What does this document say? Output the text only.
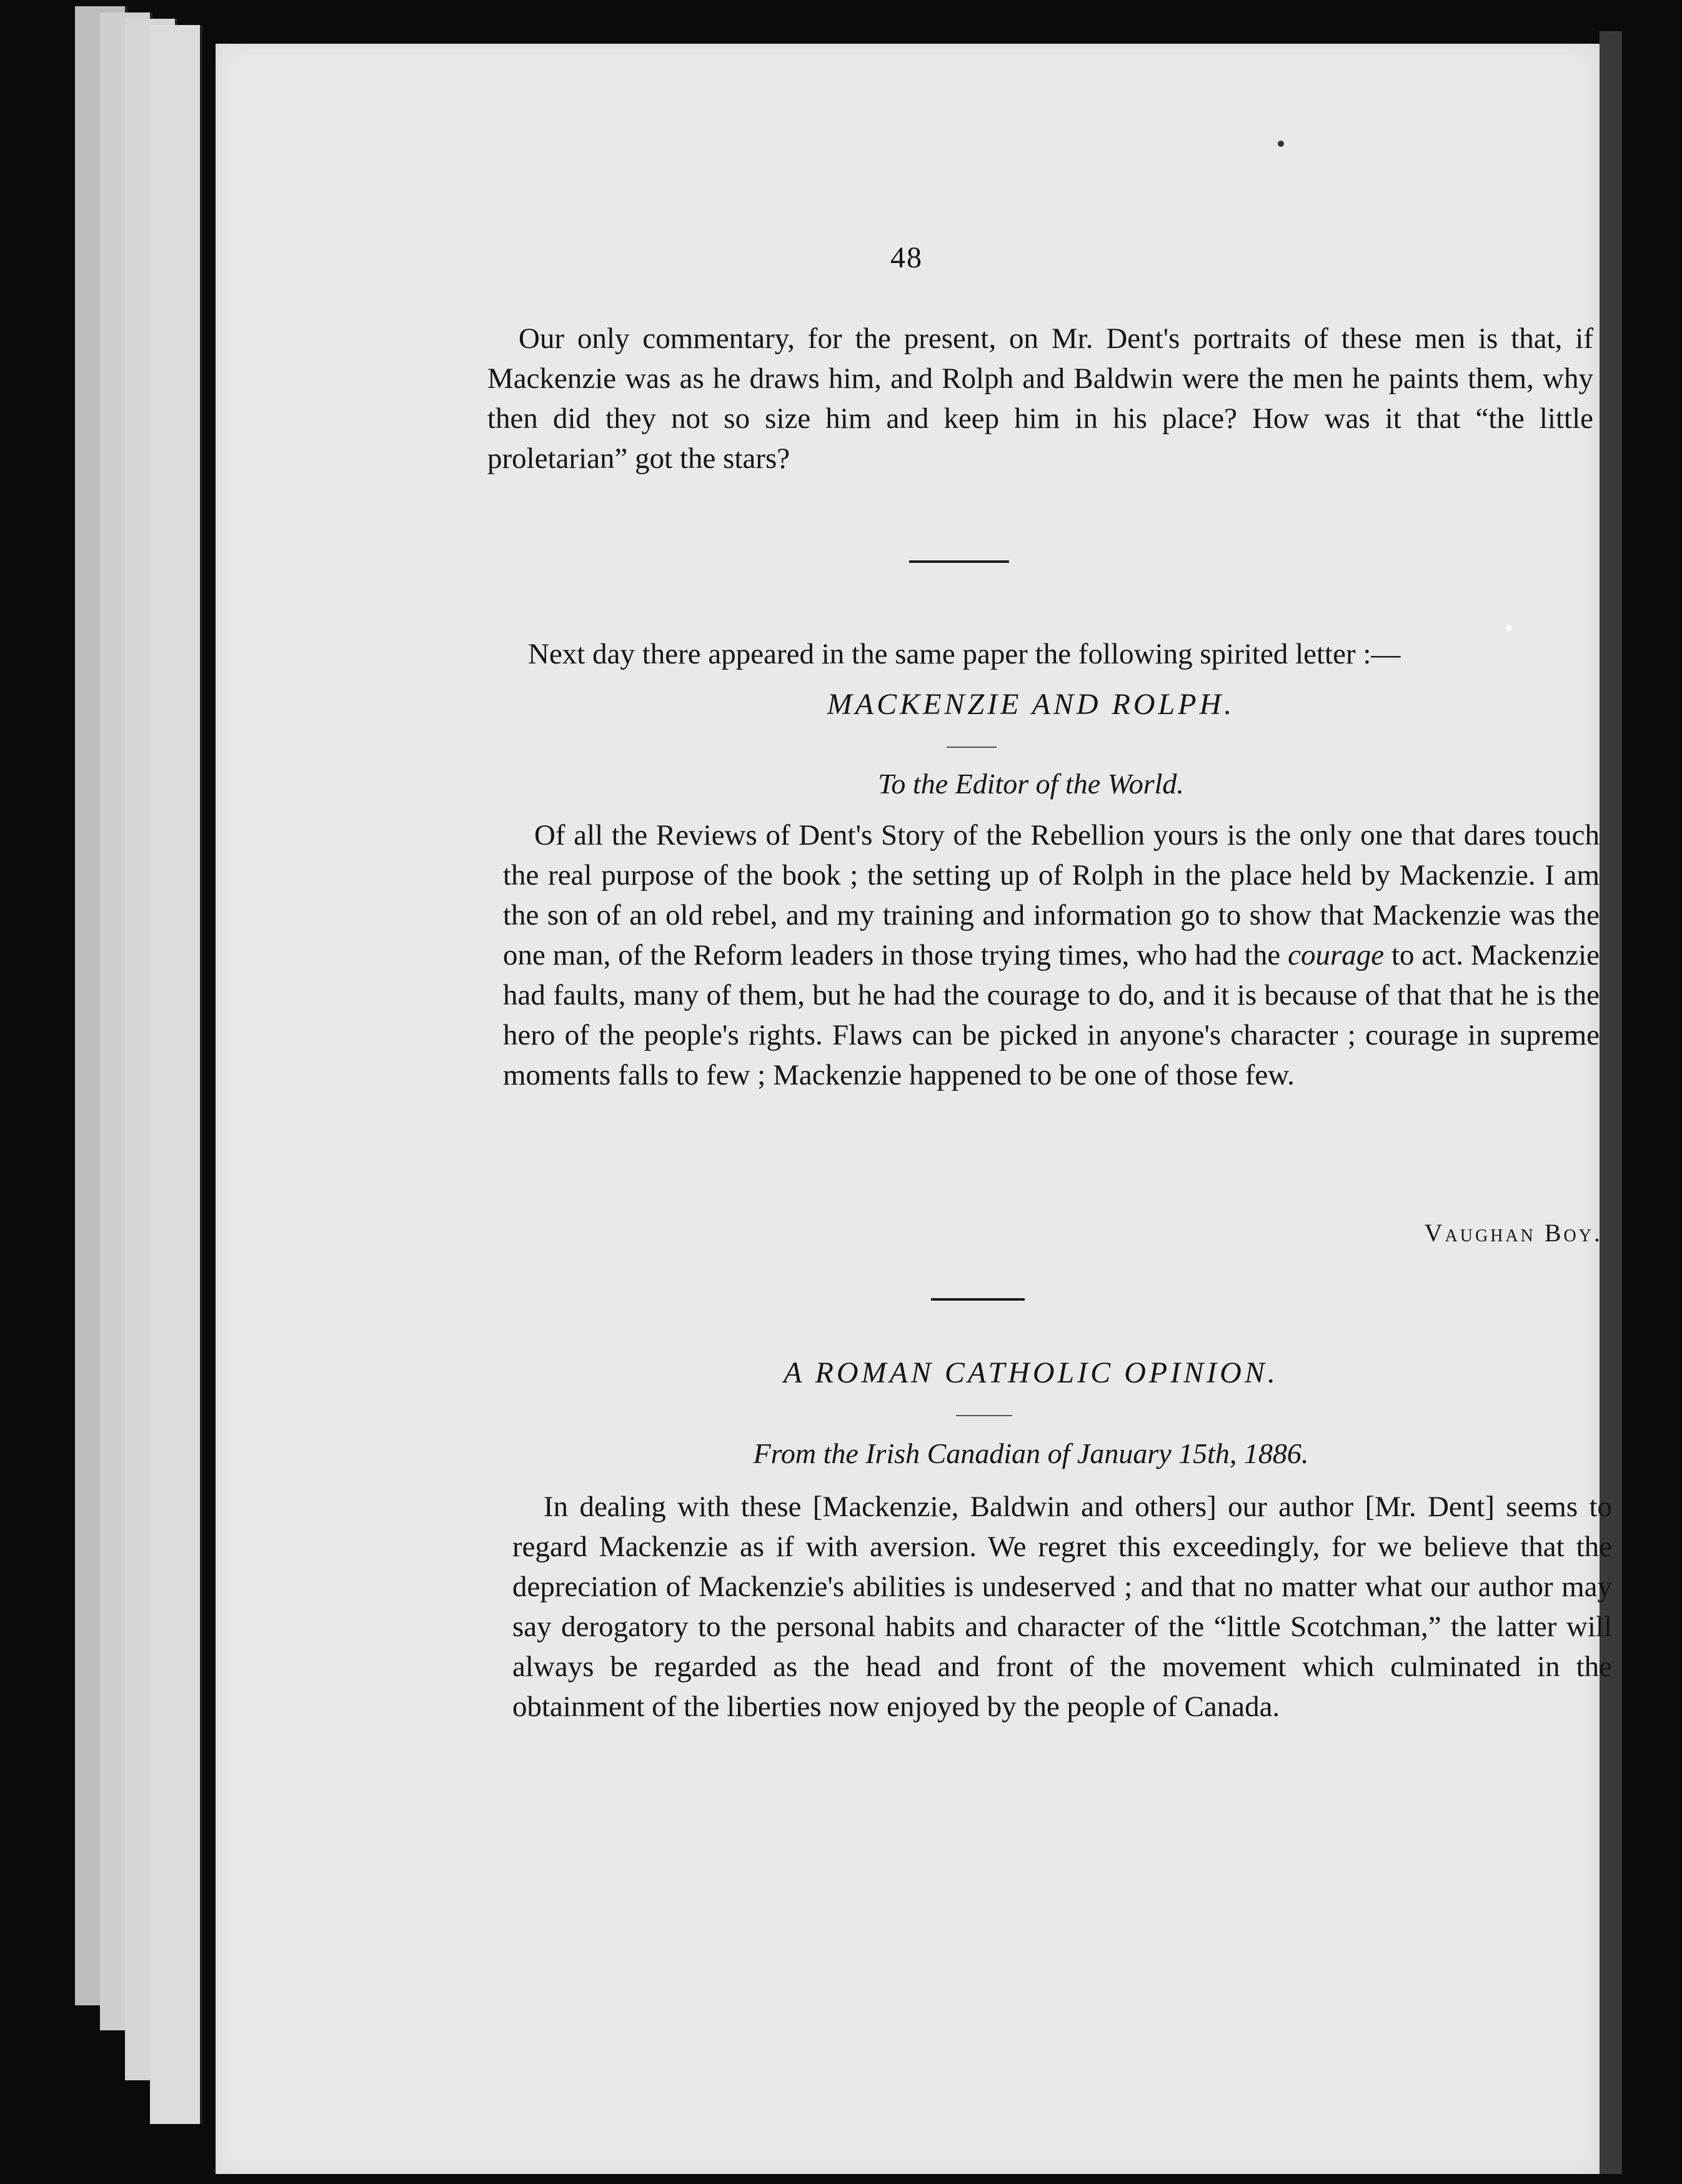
48
Our only commentary, for the present, on Mr. Dent's portraits of these men is that, if Mackenzie was as he draws him, and Rolph and Baldwin were the men he paints them, why then did they not so size him and keep him in his place? How was it that “the little proletarian” got the stars?
Next day there appeared in the same paper the following spirited letter :—
MACKENZIE AND ROLPH.
To the Editor of the World.
Of all the Reviews of Dent's Story of the Rebellion yours is the only one that dares touch the real purpose of the book ; the setting up of Rolph in the place held by Mackenzie. I am the son of an old rebel, and my training and information go to show that Mackenzie was the one man, of the Reform leaders in those trying times, who had the courage to act. Mackenzie had faults, many of them, but he had the courage to do, and it is because of that that he is the hero of the people's rights. Flaws can be picked in anyone's character ; courage in supreme moments falls to few ; Mackenzie happened to be one of those few.
Vaughan Boy.
A ROMAN CATHOLIC OPINION.
From the Irish Canadian of January 15th, 1886.
In dealing with these [Mackenzie, Baldwin and others] our author [Mr. Dent] seems to regard Mackenzie as if with aversion. We regret this exceedingly, for we believe that the depreciation of Mackenzie's abilities is undeserved ; and that no matter what our author may say derogatory to the personal habits and character of the “little Scotchman,” the latter will always be regarded as the head and front of the movement which culminated in the obtainment of the liberties now enjoyed by the people of Canada.
